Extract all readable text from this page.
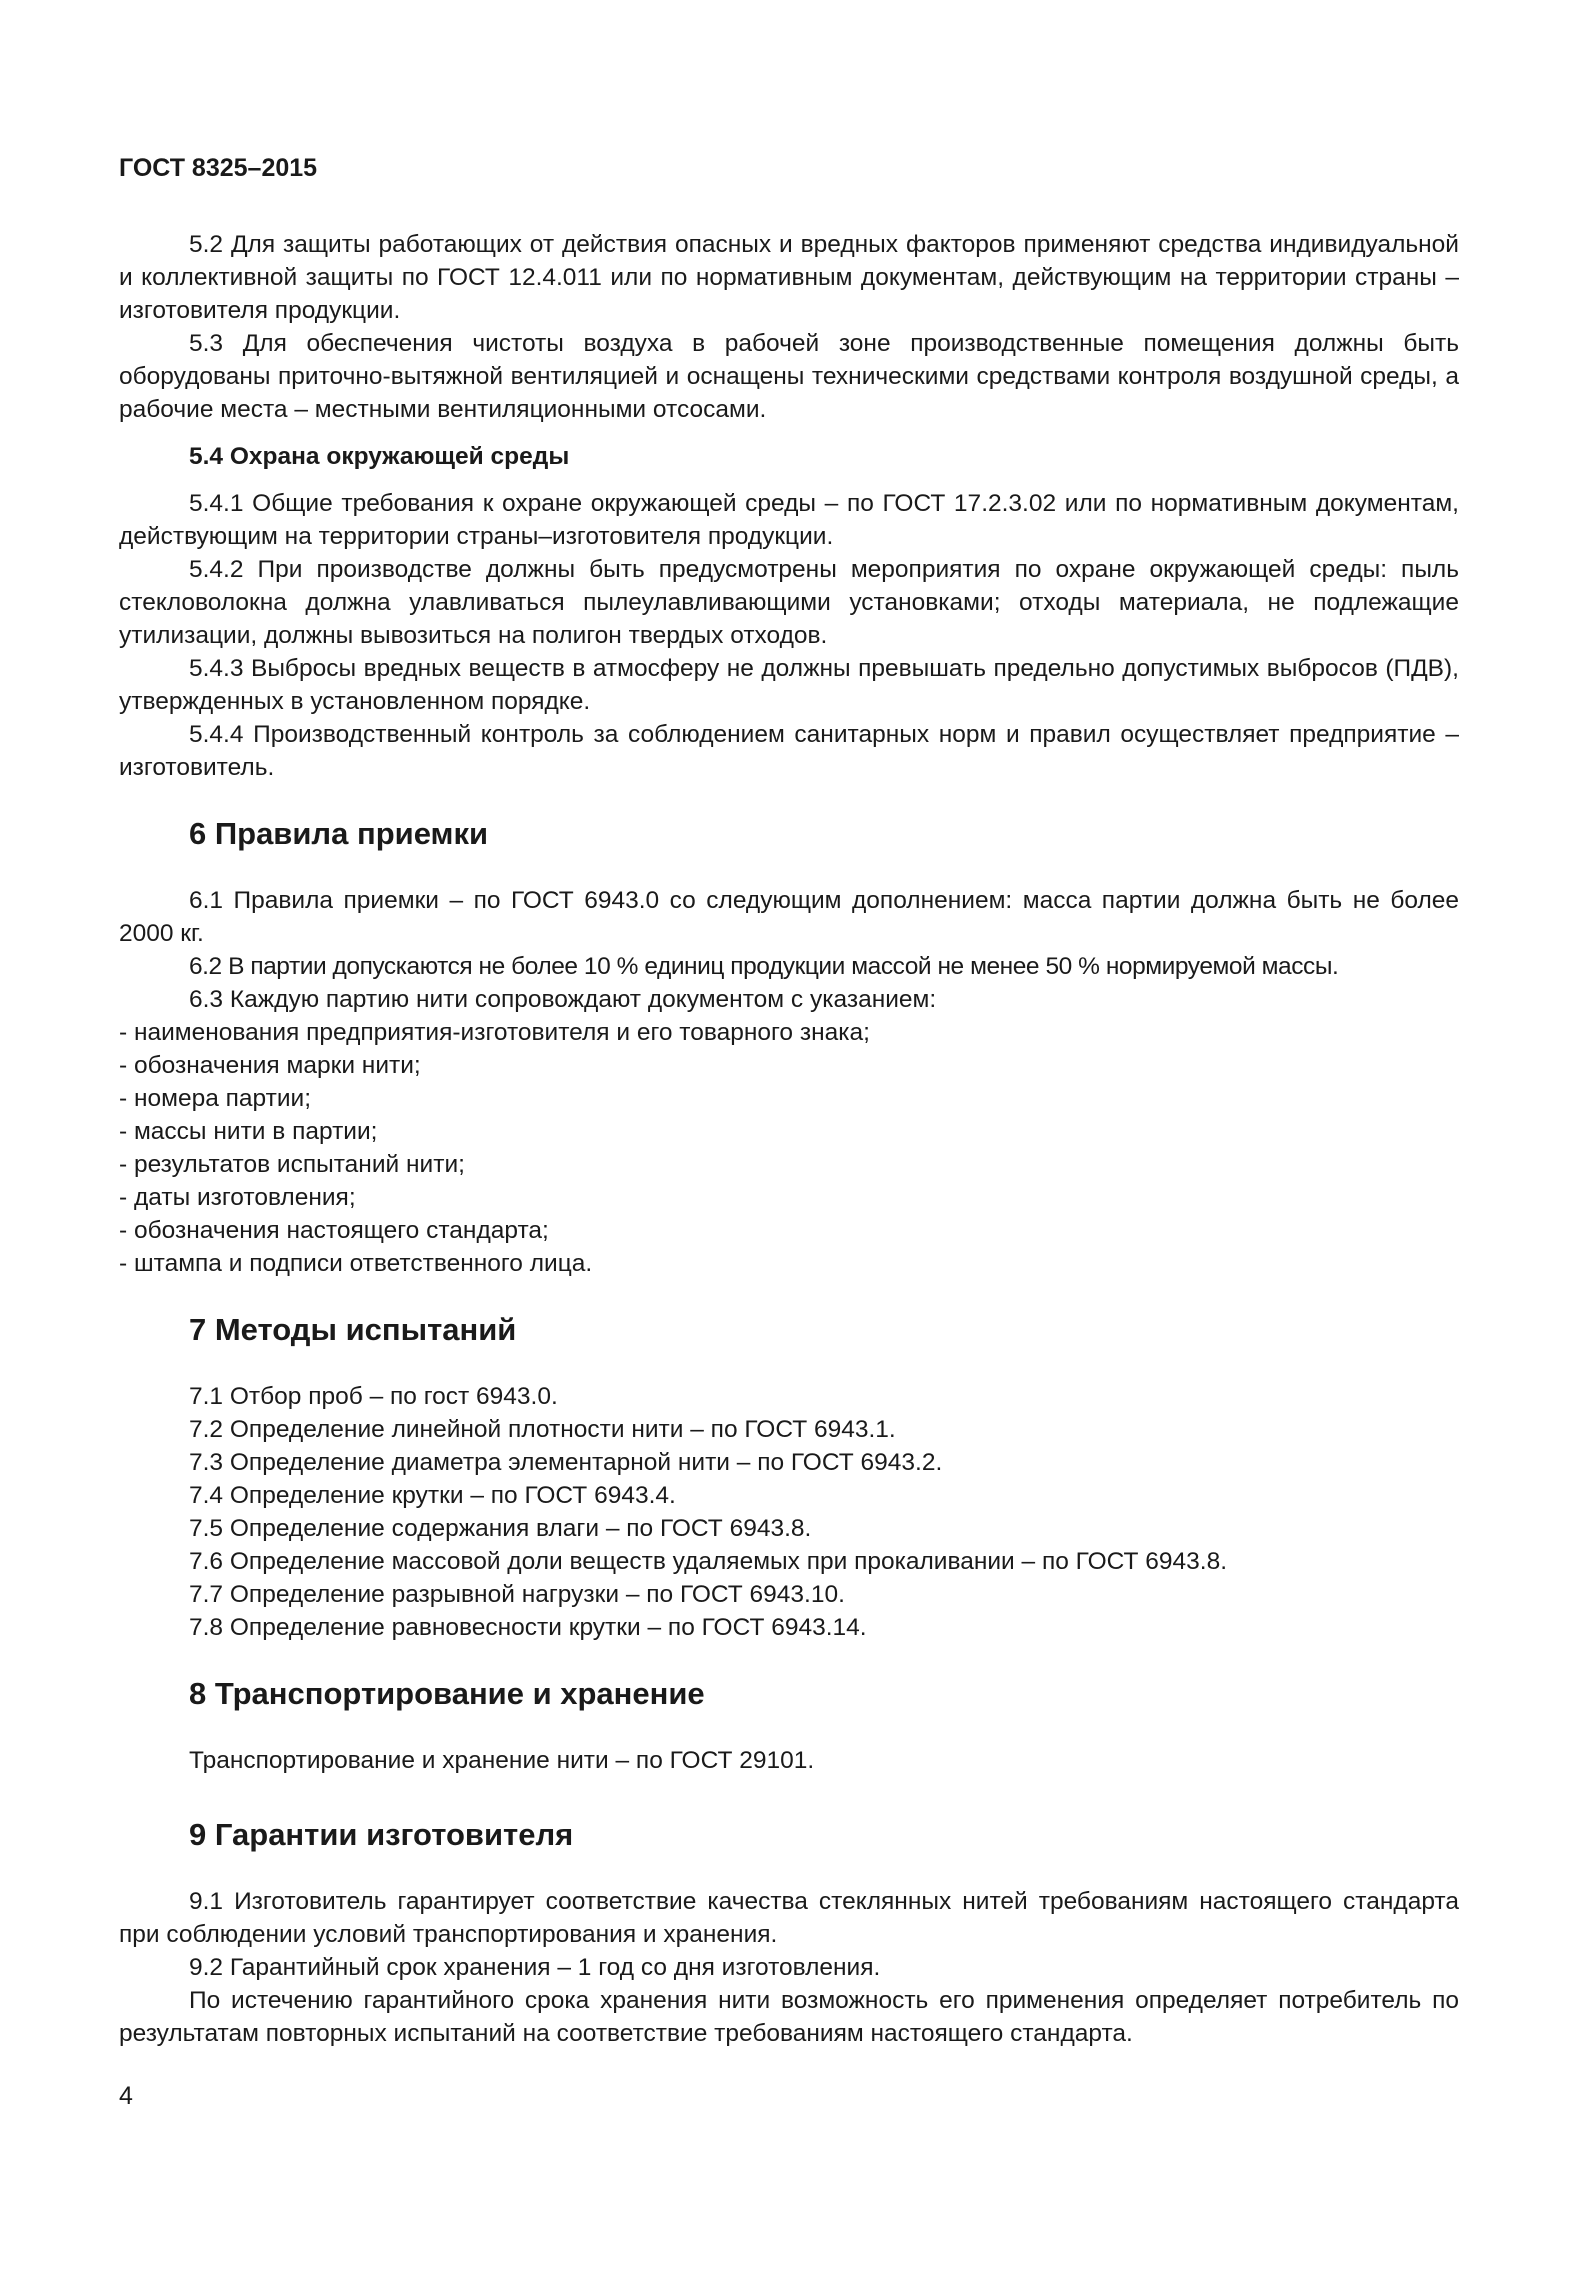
ГОСТ 8325–2015

5.2 Для защиты работающих от действия опасных и вредных факторов применяют средства индивидуальной и коллективной защиты по ГОСТ 12.4.011 или по нормативным документам, действующим на территории страны – изготовителя продукции.

5.3 Для обеспечения чистоты воздуха в рабочей зоне производственные помещения должны быть оборудованы приточно-вытяжной вентиляцией и оснащены техническими средствами контроля воздушной среды, а рабочие места – местными вентиляционными отсосами.

5.4 Охрана окружающей среды

5.4.1 Общие требования к охране окружающей среды – по ГОСТ 17.2.3.02 или по нормативным документам, действующим на территории страны–изготовителя продукции.

5.4.2 При производстве должны быть предусмотрены мероприятия по охране окружающей среды: пыль стекловолокна должна улавливаться пылеулавливающими установками; отходы материала, не подлежащие утилизации, должны вывозиться на полигон твердых отходов.

5.4.3 Выбросы вредных веществ в атмосферу не должны превышать предельно допустимых выбросов (ПДВ), утвержденных в установленном порядке.

5.4.4 Производственный контроль за соблюдением санитарных норм и правил осуществляет предприятие – изготовитель.

6 Правила приемки

6.1 Правила приемки – по ГОСТ 6943.0 со следующим дополнением: масса партии должна быть не более 2000 кг.

6.2 В партии допускаются не более 10 % единиц продукции массой не менее 50 % нормируемой массы.

6.3 Каждую партию нити сопровождают документом с указанием:

- наименования предприятия-изготовителя и его товарного знака;
- обозначения марки нити;
- номера партии;
- массы нити в партии;
- результатов испытаний нити;
- даты изготовления;
- обозначения настоящего стандарта;
- штампа и подписи ответственного лица.
7 Методы испытаний
7.1 Отбор проб – по гост 6943.0.
7.2 Определение линейной плотности нити – по ГОСТ 6943.1.
7.3 Определение диаметра элементарной нити – по ГОСТ 6943.2.
7.4 Определение крутки – по ГОСТ 6943.4.
7.5 Определение содержания влаги – по ГОСТ 6943.8.
7.6 Определение массовой доли веществ удаляемых при прокаливании – по ГОСТ 6943.8.
7.7 Определение разрывной нагрузки – по ГОСТ 6943.10.
7.8 Определение равновесности крутки – по ГОСТ 6943.14.
8 Транспортирование и хранение
Транспортирование и хранение нити – по ГОСТ 29101.
9 Гарантии изготовителя

9.1 Изготовитель гарантирует соответствие качества стеклянных нитей требованиям настоящего стандарта при соблюдении условий транспортирования и хранения.

9.2 Гарантийный срок хранения – 1 год со дня изготовления.

По истечению гарантийного срока хранения нити возможность его применения определяет потребитель по результатам повторных испытаний на соответствие требованиям настоящего стандарта.

4
